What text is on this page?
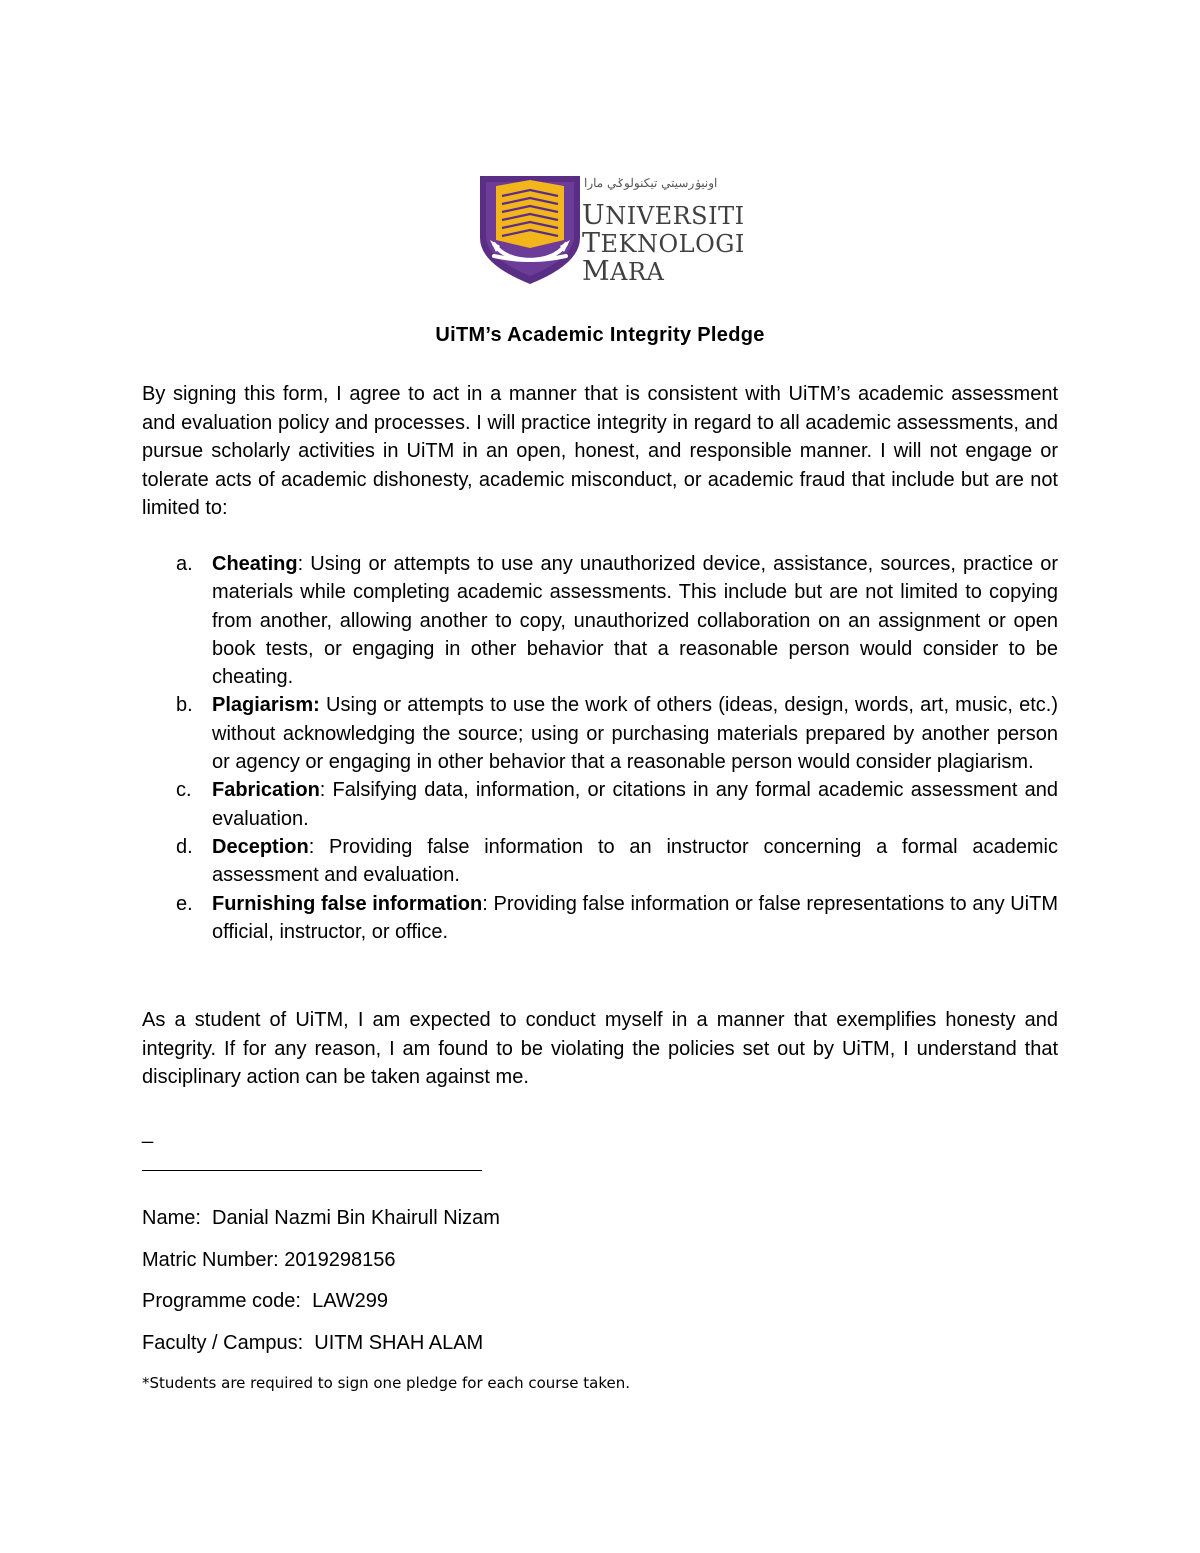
اونيۏرسيتي تيكنولوݢي مارا
UNIVERSITI
TEKNOLOGI
MARA
UiTM’s Academic Integrity Pledge

By signing this form, I agree to act in a manner that is consistent with UiTM’s academic assessment and evaluation policy and processes. I will practice integrity in regard to all academic assessments, and pursue scholarly activities in UiTM in an open, honest, and responsible manner. I will not engage or tolerate acts of academic dishonesty, academic misconduct, or academic fraud that include but are not limited to:

a. Cheating: Using or attempts to use any unauthorized device, assistance, sources, practice or materials while completing academic assessments. This include but are not limited to copying from another, allowing another to copy, unauthorized collaboration on an assignment or open book tests, or engaging in other behavior that a reasonable person would consider to be cheating.
b. Plagiarism: Using or attempts to use the work of others (ideas, design, words, art, music, etc.) without acknowledging the source; using or purchasing materials prepared by another person or agency or engaging in other behavior that a reasonable person would consider plagiarism.
c. Fabrication: Falsifying data, information, or citations in any formal academic assessment and evaluation.
d. Deception: Providing false information to an instructor concerning a formal academic assessment and evaluation.
e. Furnishing false information: Providing false information or false representations to any UiTM official, instructor, or office.

As a student of UiTM, I am expected to conduct myself in a manner that exemplifies honesty and integrity. If for any reason, I am found to be violating the policies set out by UiTM, I understand that disciplinary action can be taken against me.

_
Name:  Danial Nazmi Bin Khairull Nizam
Matric Number: 2019298156
Programme code:  LAW299
Faculty / Campus:  UITM SHAH ALAM
*Students are required to sign one pledge for each course taken.
